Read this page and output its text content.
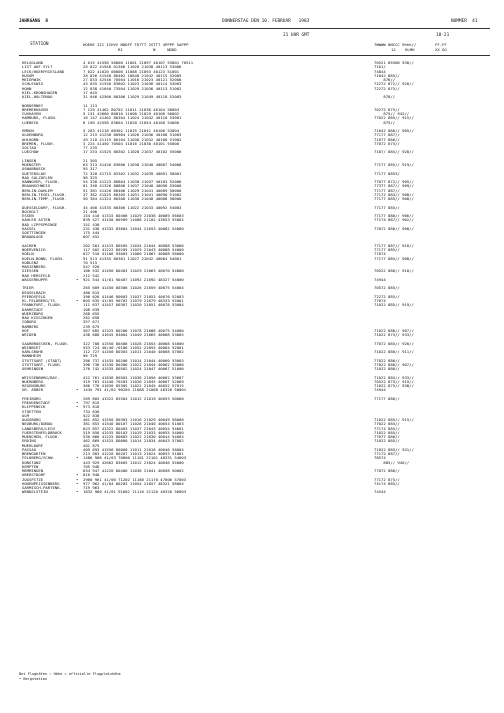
JAHRGANG  8	DONNERSTAG DEN 10. FEBRUAR   1983	NUMMER  41
21 UHR GMT	18-21
STATION	HOEHE III IIHVV NDDFF TDTTT 2STTT 4PPPP 5APPP
RI             N     NDDD
7WWWW 8NCCC 9hhh//
12    HLMH
FF-FF
XX GG
HELGOLAND	4 015 41556 50000 11001 21097 40107 53001 70511	70521 85500 930//
LIST AUF SYLT	26 022 41940 01306 11020 21038 40113 53006	7101/
LECK/HOERFRIESLAND	7 022 41020 00000 11088 21093 40123 51001	74844
HUSUM	28 026 41540 80402 10840 21042 40115 52005	71042 885//
MEIERWIK	27 033 42540 70504 11016 21023 40121 52006	876//
SCHLESWIG	43 035 41550 83602 11023 21036 40114 53003	72272 872// 920//
HOHN	12 038 41640 73504 11029 21036 40113 51002	72272 875//
KIEL-KRONSHAGEN	17 045
KIEL-HOLTENAU	31 046 42560 80306 11029 21049 40118 52003	878//
NORDERNEY	11 113
BREMERHAVEN	7 129 41462 80702 11011 21036 40104 56003	70272 875//
CUXHAVEN	5 131 42660 80810 11008 21029 40106 56002	875// 942//
HAMBURG, FLUGH.	16 147 41462 80304 11024 21042 40110 53001	77022 885// 915//
LUEBECK	8 156 42558 83604 11020 21054 40108 54000	875//
EMDEN	5 203 41218 80302 11035 21041 40106 53004	71042 886// 905//
OLDENBURG	12 215 41238 80904 11026 21036 40108 51003	77177 887//
AHLHORN	49 218 41115 80104 11030 21032 40108 51002	71077 886//
BREMEN, FLUGH.	3 224 41450 70504 11016 21030 40101 55000	77072 875//
SOLTAU	77 235
LUECHOW	17 253 41525 80302 11028 21037 40102 55000	7107/ 885// 928//
LINGEN	21 305
MUENSTER	63 313 41420 83606 11030 21040 40087 54000	77177 885// 919//
OSNABRUECK	95 317
GUETERSLOH	72 320 41715 83302 11032 21039 40091 58001	77177 8853/
BAD SALZUFLEN	98 325
HANNOVER, FLUGH.	54 338 41223 80804 11030 21037 40103 52006	77077 872// 905//
BRAUNSCHWEIG	81 348 41320 80806 11037 21040 40096 53000	77377 887// 909//
BERLIN-DAHLEM	51 381 41420 80406 11029 21041 40089 50000	77177 887//
BERLIN-TEGEL,FLUGH.	37 382 41525 80305 11031 21041 40090 51002	77172 883// 908//
BERLIN-TEMP.,FLUGH.	50 384 41324 80308 11030 21040 40088 50000	77177 885// 908//
DUESSELDORF, FLUGH.	45 400 41535 80306 11022 21033 40092 54003	77177 885//
BOCHOLT	21 406
ESSEN	154 410 41315 80406 11029 21038 40089 56003	77177 886// 906//
KAHLER ASTEN	839 427 41150 80509 11088 21102 43053 55002	77174 887// 902//
BAD LIPPSPRINGE	151 430
KASSEL	231 438 41332 83604 11044 21053 40082 54000	77072 886// 908//
GOETTINGEN	175 444
BRAUNLAGE	607 452
AACHEN	202 501 41415 80505 11034 21044 40088 53006	77177 887// 910//
NOERVENICH	117 502 41222 80205 11029 21043 40088 54000	77177 885//
KOELN	627 510 41106 93603 11060 21067 40088 58000	77874
KOELN-BONN, FLUGH.	91 513 41335 80301 11027 21042 40084 54001	77177 885// 908//
KOBLENZ	70 515
MARIENBERG	547 526
GIESSEN	186 532 41450 80403 11029 21063 40070 54000	70522 886// 910//
BAD HERSFELD	212 542
WASSERKUPPE	• 921 544 41/01 90407 11092 21092 48327 54000	74944
TRIER	265 609 41450 80306 11026 21059 40075 54004	70572 885//
DEUSELBACH	480 615
PFERDSFELD	396 626 41446 80603 11037 21053 40076 52003	72272 885//
KL.FELDBERG/TS.	• 805 635 41/05 90702 11079 21079 48333 55001	77874
FRANKFURT, FLUGH.	111 637 41457 80307 11020 21051 40078 53004	71022 885// 919//
DARMSTADT	108 639
WUERZBURG	268 655
BAD KISSINGEN	282 658
COBURG	357 671
BAMBERG	239 675
HOF	567 685 41325 80206 11078 21086 40075 54000	71022 886// 907//
WEIDEN	438 688 41645 83604 11049 21065 40068 53005	71022 875// 933//
SAARBRUECKEN, FLUGH.	322 708 41550 80408 11028 21053 40068 54000	77072 885// 920//
WEINBIET	553 724 46/40 /0106 11052 21055 40084 52001
KARLSRUHE	112 727 41450 80303 11011 21040 40068 57002	71022 886// 911//
MANNHEIM	96 729
STUTTGART (STADT)	286 737 41435 80206 11014 21044 40060 53003	77822 886//
STUTTGART, FLUGH.	396 738 41330 80306 11022 21044 40062 53006	77822 886// 907//
OEHRINGEN	276 742 41535 80502 11024 21047 40067 51006	71022 886//
WEISSENBURG/BAY.	422 761 41638 80503 11036 21056 40062 53007	71022 885// 933//
NUERNBERG	319 763 41440 70203 11026 21045 40067 52009	70522 875// 919//
REGENSBURG	366 776 41630 85305 11022 21045 40052 57015	71022 875// 938//
GR. ARBER	• 1445 791 41/02 90204 11088 21088 48326 58001	74944
FREIBURG	269 803 41322 83504 11012 21019 40053 50000	77177 886//
FREUDENSTADT	• 797 815
KLIPPENECK	• 973 818
STOETTEN	734 836
ULM	522 838
AUGSBURG	461 852 41550 80303 11016 21029 40049 58008	71022 885// 915//
NEUBURG/DONAU	381 853 41540 80107 11028 21040 40054 51003	77022 885//
LANDSBERG/LECH	623 857 41322 80403 11037 21043 40054 54001	77174 885//
FUERSTENFELDBRUCK	519 858 41535 80103 11019 21033 40055 54000	71022 885//
MUENCHEN, FLUGH.	530 866 41225 80603 11022 21030 40044 54004	77077 886//
ERDING	462 869 41525 80000 11014 21034 40043 57002	71022 885//
MUEHLDORF	401 875
PASSAU	409 893 41556 80000 11011 21018 40046 58004	71022 885// 931//
BRENGARTEN	213 903 41220 80207 11013 21024 40053 51001	77172 887//
FELDBERG/SCHW.	• 1486 908 41/03 70806 11101 21101 48331 54003	78574
KONSTANZ	443 929 42662 83605 11012 21024 40046 55000	885// 940//
KEMPTEN	705 946
MEMMINGEN	634 947 41220 80406 11036 21041 40058 50002	77072 886//
OBERSTDORF	• 810 948
ZUGSPITZE	• 2960 961 41/00 71202 11168 21170 47806 57003	77172 875//
HOHENPEISSENBERG	• 977 962 41/04 80203 11054 21057 48321 58004	74174 885//
GARMISCH-PARTENK.	719 963
WENDELSTEIN	• 1832 980 41/01 91602 11110 21120 48320 56003	74544
Bei Flughäfen : Höhe = offizielle Flugplatzhöhe
• Bergstation
